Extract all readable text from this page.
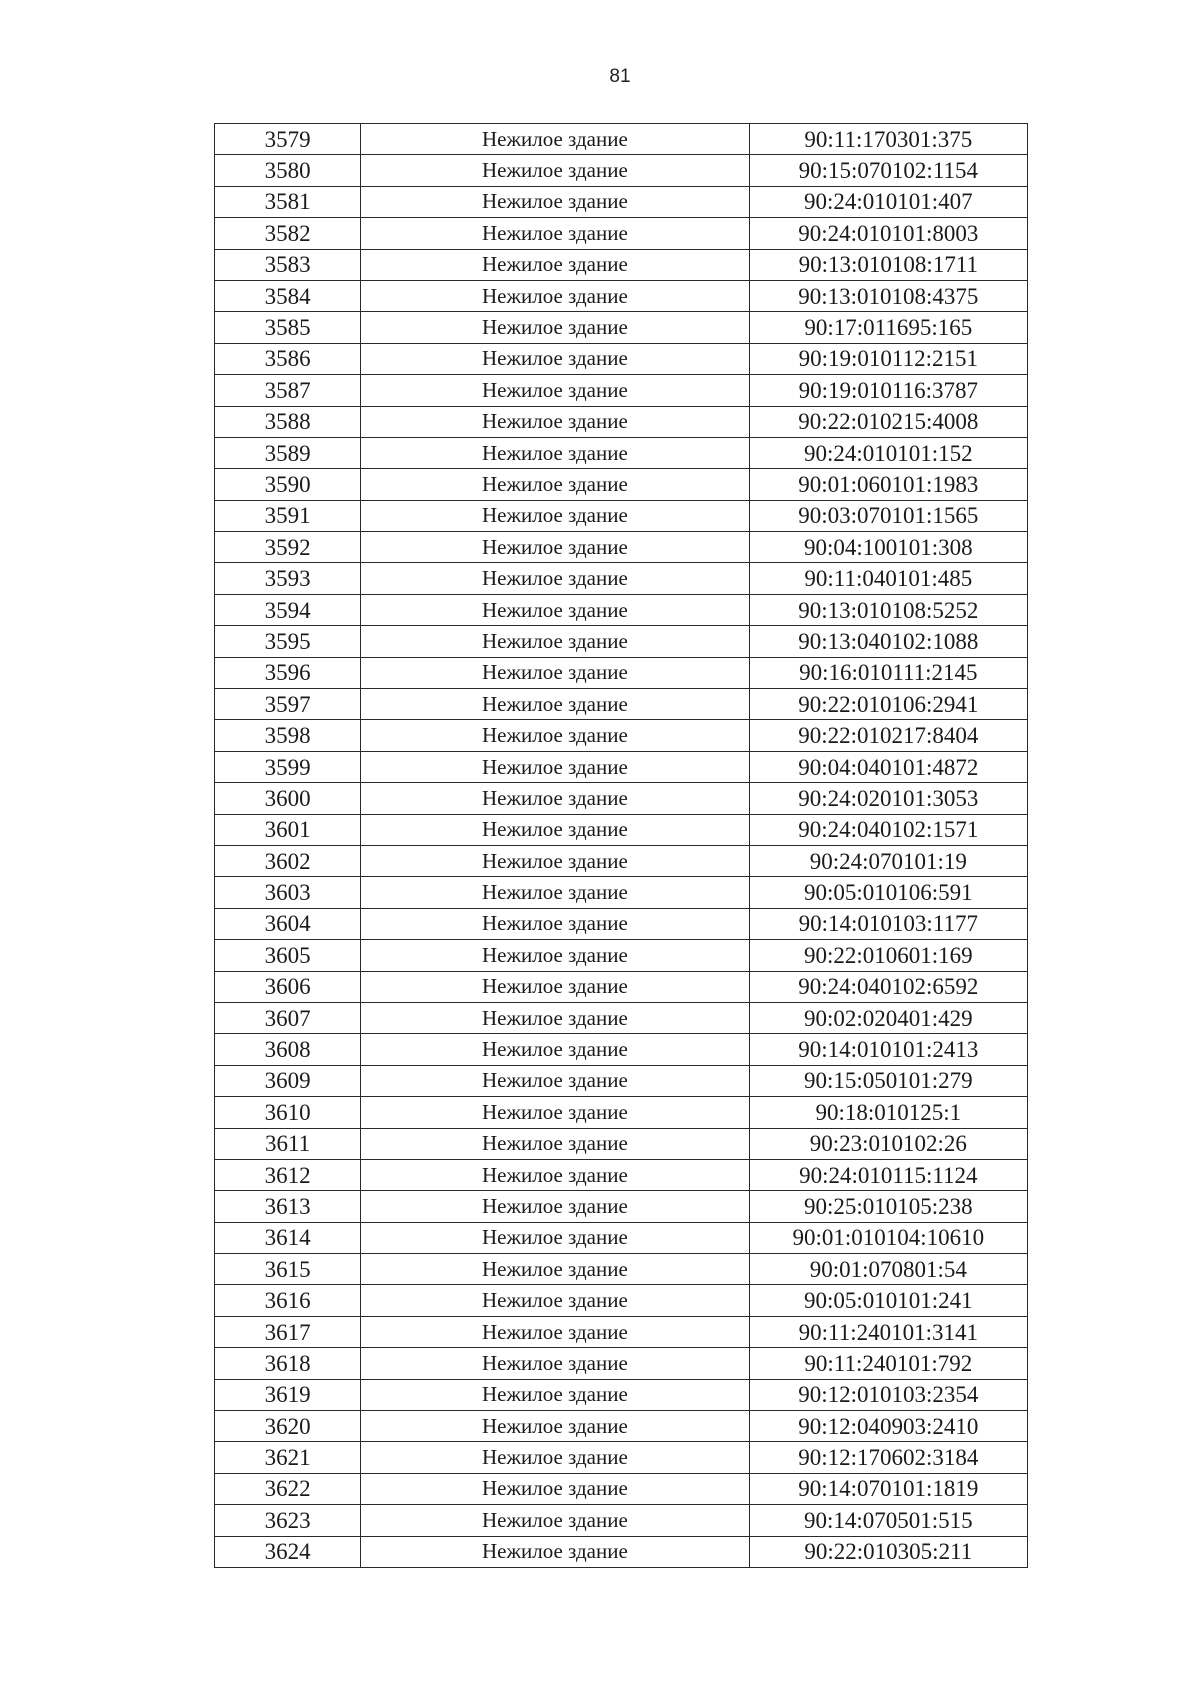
81
3579	Нежилое здание	90:11:170301:375
3580	Нежилое здание	90:15:070102:1154
3581	Нежилое здание	90:24:010101:407
3582	Нежилое здание	90:24:010101:8003
3583	Нежилое здание	90:13:010108:1711
3584	Нежилое здание	90:13:010108:4375
3585	Нежилое здание	90:17:011695:165
3586	Нежилое здание	90:19:010112:2151
3587	Нежилое здание	90:19:010116:3787
3588	Нежилое здание	90:22:010215:4008
3589	Нежилое здание	90:24:010101:152
3590	Нежилое здание	90:01:060101:1983
3591	Нежилое здание	90:03:070101:1565
3592	Нежилое здание	90:04:100101:308
3593	Нежилое здание	90:11:040101:485
3594	Нежилое здание	90:13:010108:5252
3595	Нежилое здание	90:13:040102:1088
3596	Нежилое здание	90:16:010111:2145
3597	Нежилое здание	90:22:010106:2941
3598	Нежилое здание	90:22:010217:8404
3599	Нежилое здание	90:04:040101:4872
3600	Нежилое здание	90:24:020101:3053
3601	Нежилое здание	90:24:040102:1571
3602	Нежилое здание	90:24:070101:19
3603	Нежилое здание	90:05:010106:591
3604	Нежилое здание	90:14:010103:1177
3605	Нежилое здание	90:22:010601:169
3606	Нежилое здание	90:24:040102:6592
3607	Нежилое здание	90:02:020401:429
3608	Нежилое здание	90:14:010101:2413
3609	Нежилое здание	90:15:050101:279
3610	Нежилое здание	90:18:010125:1
3611	Нежилое здание	90:23:010102:26
3612	Нежилое здание	90:24:010115:1124
3613	Нежилое здание	90:25:010105:238
3614	Нежилое здание	90:01:010104:10610
3615	Нежилое здание	90:01:070801:54
3616	Нежилое здание	90:05:010101:241
3617	Нежилое здание	90:11:240101:3141
3618	Нежилое здание	90:11:240101:792
3619	Нежилое здание	90:12:010103:2354
3620	Нежилое здание	90:12:040903:2410
3621	Нежилое здание	90:12:170602:3184
3622	Нежилое здание	90:14:070101:1819
3623	Нежилое здание	90:14:070501:515
3624	Нежилое здание	90:22:010305:211
